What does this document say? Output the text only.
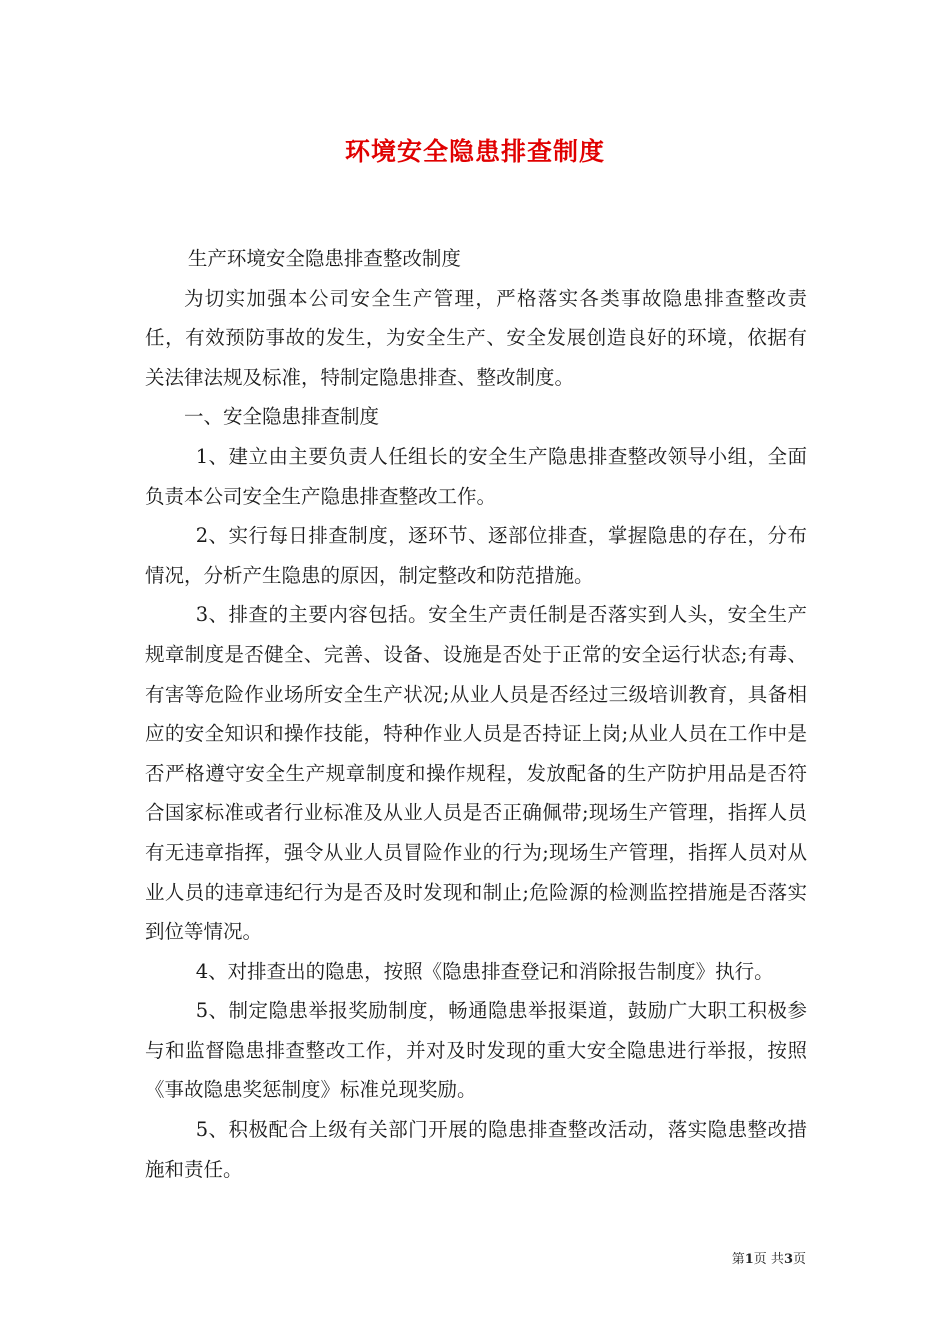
环境安全隐患排查制度

生产环境安全隐患排查整改制度

为切实加强本公司安全生产管理，严格落实各类事故隐患排查整改责任，有效预防事故的发生，为安全生产、安全发展创造良好的环境，依据有关法律法规及标准，特制定隐患排查、整改制度。

一、安全隐患排查制度

1、建立由主要负责人任组长的安全生产隐患排查整改领导小组，全面负责本公司安全生产隐患排查整改工作。

2、实行每日排查制度，逐环节、逐部位排查，掌握隐患的存在，分布情况，分析产生隐患的原因，制定整改和防范措施。

3、排查的主要内容包括。安全生产责任制是否落实到人头，安全生产规章制度是否健全、完善、设备、设施是否处于正常的安全运行状态;有毒、有害等危险作业场所安全生产状况;从业人员是否经过三级培训教育，具备相应的安全知识和操作技能，特种作业人员是否持证上岗;从业人员在工作中是否严格遵守安全生产规章制度和操作规程，发放配备的生产防护用品是否符合国家标准或者行业标准及从业人员是否正确佩带;现场生产管理，指挥人员有无违章指挥，强令从业人员冒险作业的行为;现场生产管理，指挥人员对从业人员的违章违纪行为是否及时发现和制止;危险源的检测监控措施是否落实到位等情况。

4、对排查出的隐患，按照《隐患排查登记和消除报告制度》执行。

5、制定隐患举报奖励制度，畅通隐患举报渠道，鼓励广大职工积极参与和监督隐患排查整改工作，并对及时发现的重大安全隐患进行举报，按照《事故隐患奖惩制度》标准兑现奖励。

5、积极配合上级有关部门开展的隐患排查整改活动，落实隐患整改措施和责任。

第1页 共3页
